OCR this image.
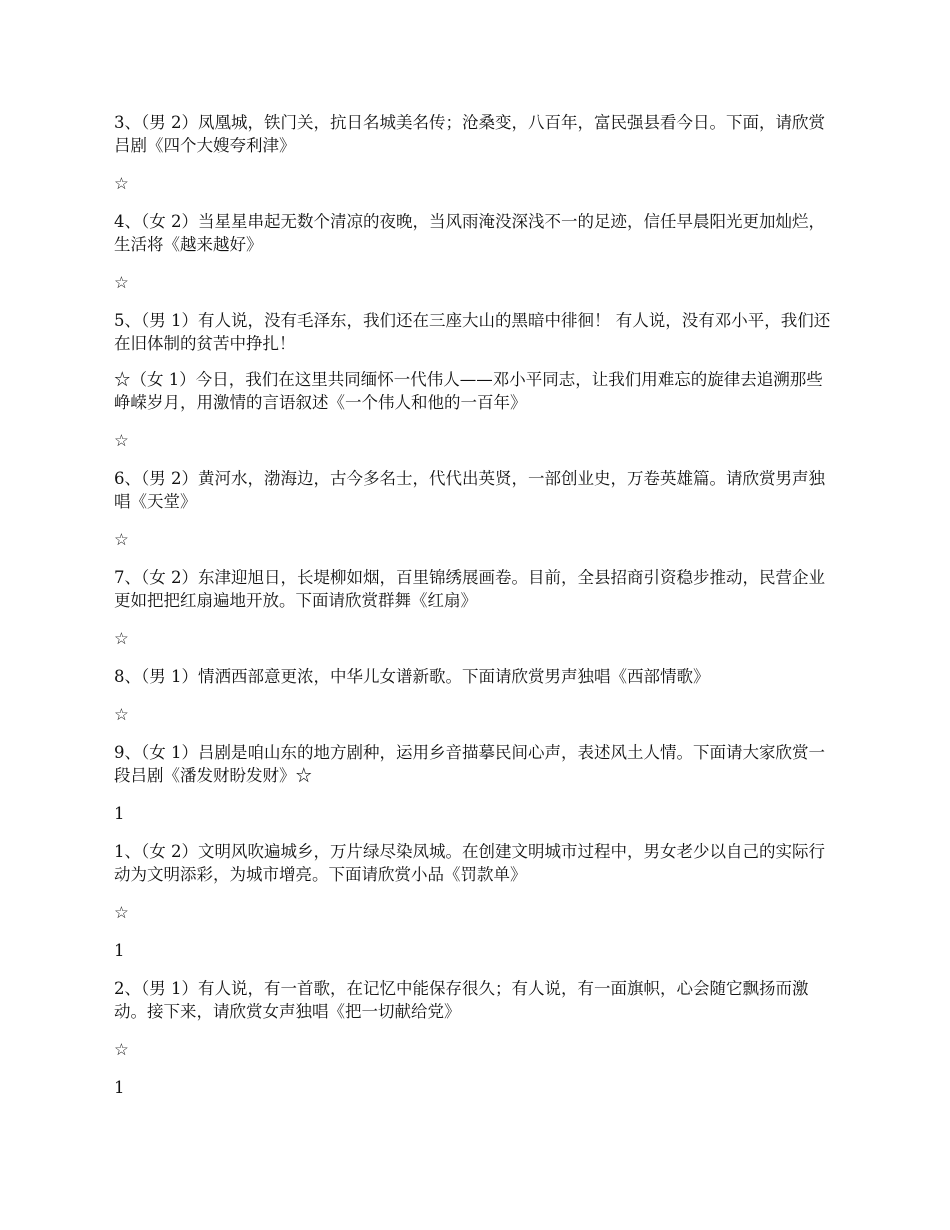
3、（男 2）凤凰城，铁门关，抗日名城美名传；沧桑变，八百年，富民强县看今日。下面，请欣赏吕剧《四个大嫂夸利津》

☆

4、（女 2）当星星串起无数个清凉的夜晚，当风雨淹没深浅不一的足迹，信任早晨阳光更加灿烂，生活将《越来越好》

☆

5、（男 1）有人说，没有毛泽东，我们还在三座大山的黑暗中徘徊！ 有人说，没有邓小平，我们还在旧体制的贫苦中挣扎！

☆（女 1）今日，我们在这里共同缅怀一代伟人——邓小平同志，让我们用难忘的旋律去追溯那些峥嵘岁月，用激情的言语叙述《一个伟人和他的一百年》

☆

6、（男 2）黄河水，渤海边，古今多名士，代代出英贤，一部创业史，万卷英雄篇。请欣赏男声独唱《天堂》

☆

7、（女 2）东津迎旭日，长堤柳如烟，百里锦绣展画卷。目前，全县招商引资稳步推动，民营企业更如把把红扇遍地开放。下面请欣赏群舞《红扇》

☆

8、（男 1）情洒西部意更浓，中华儿女谱新歌。下面请欣赏男声独唱《西部情歌》

☆

9、（女 1）吕剧是咱山东的地方剧种，运用乡音描摹民间心声，表述风土人情。下面请大家欣赏一段吕剧《潘发财盼发财》☆

1

1、（女 2）文明风吹遍城乡，万片绿尽染凤城。在创建文明城市过程中，男女老少以自己的实际行动为文明添彩，为城市增亮。下面请欣赏小品《罚款单》

☆

1

2、（男 1）有人说，有一首歌，在记忆中能保存很久；有人说，有一面旗帜，心会随它飘扬而激动。接下来，请欣赏女声独唱《把一切献给党》

☆

1
